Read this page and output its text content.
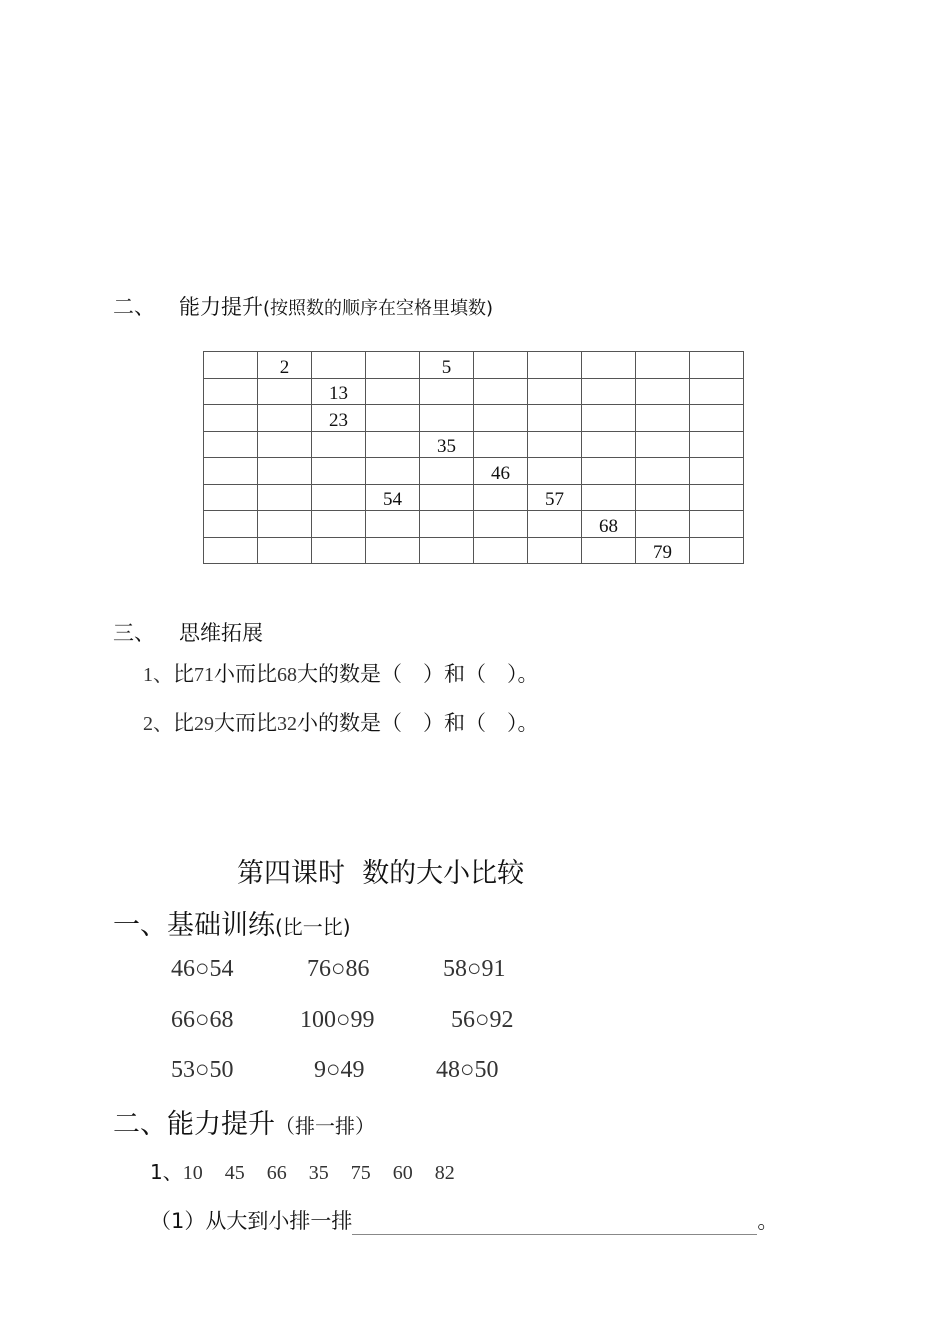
二、 能力提升(按照数的顺序在空格里填数)
	2			5					
		13							
		23							
				35					
					46				
			54			57			
							68		
								79	
三、 思维拓展
1、比71小而比68大的数是（　）和（　）。
2、比29大而比32小的数是（　）和（　）。
第四课时  数的大小比较
一、基础训练(比一比)
46○54	76○86	58○91
66○68	100○99	56○92
53○50	9○49	48○50
二、能力提升（排一排）
1、10  45  66  35  75  60  82
（1）从大到小排一排	。
